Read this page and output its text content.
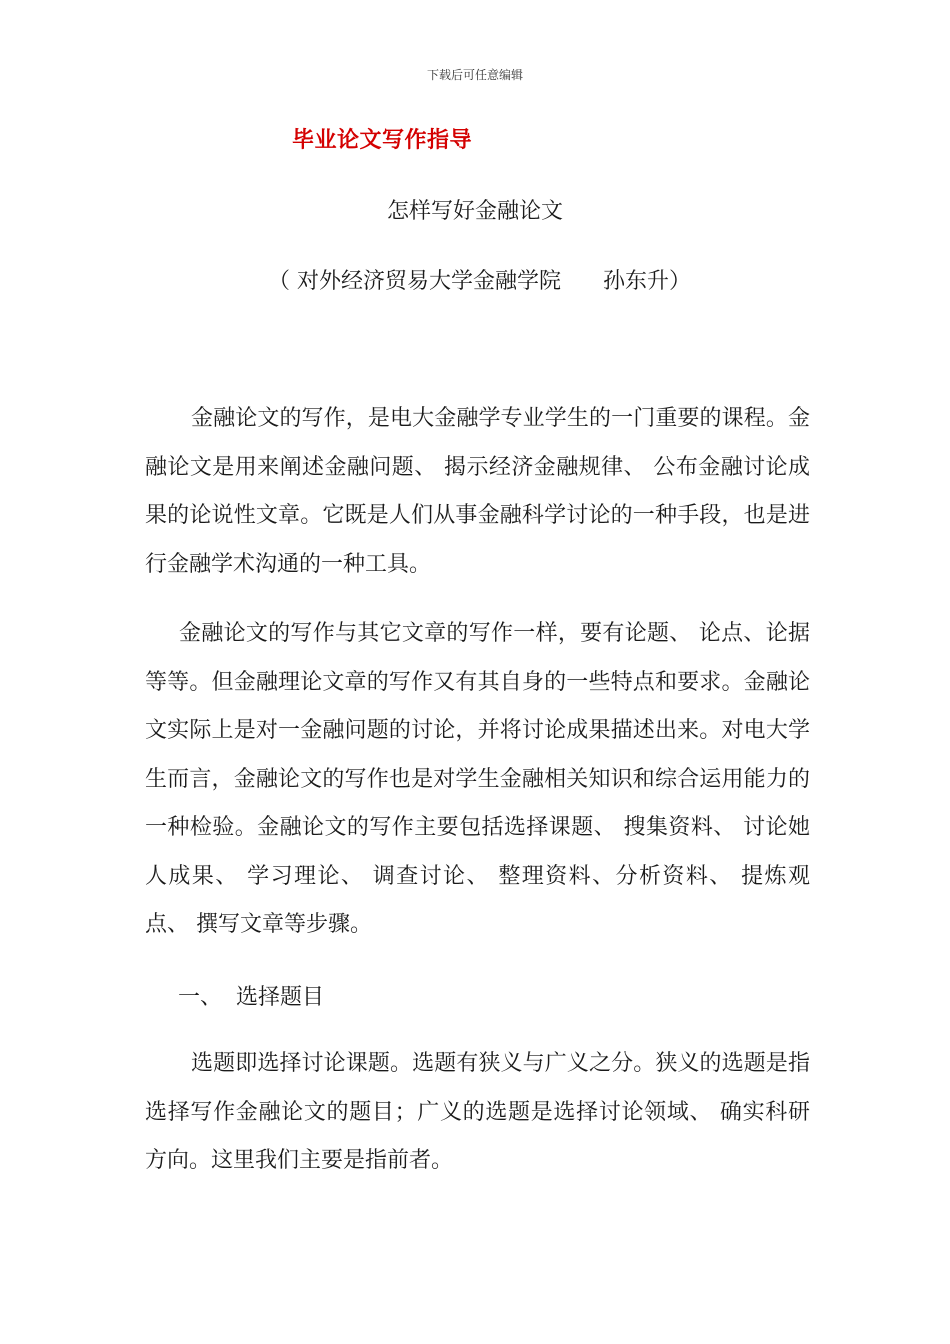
下载后可任意编辑
毕业论文写作指导
怎样写好金融论文
（ 对外经济贸易大学金融学院      孙东升）
金融论文的写作，是电大金融学专业学生的一门重要的课程。金融论文是用来阐述金融问题、 揭示经济金融规律、 公布金融讨论成果的论说性文章。它既是人们从事金融科学讨论的一种手段，也是进行金融学术沟通的一种工具。
金融论文的写作与其它文章的写作一样，要有论题、 论点、论据等等。但金融理论文章的写作又有其自身的一些特点和要求。金融论文实际上是对一金融问题的讨论，并将讨论成果描述出来。对电大学生而言，金融论文的写作也是对学生金融相关知识和综合运用能力的一种检验。金融论文的写作主要包括选择课题、 搜集资料、 讨论她人成果、 学习理论、 调查讨论、 整理资料、分析资料、 提炼观点、 撰写文章等步骤。
一、  选择题目
选题即选择讨论课题。选题有狭义与广义之分。狭义的选题是指选择写作金融论文的题目；广义的选题是选择讨论领域、 确实科研方向。这里我们主要是指前者。
